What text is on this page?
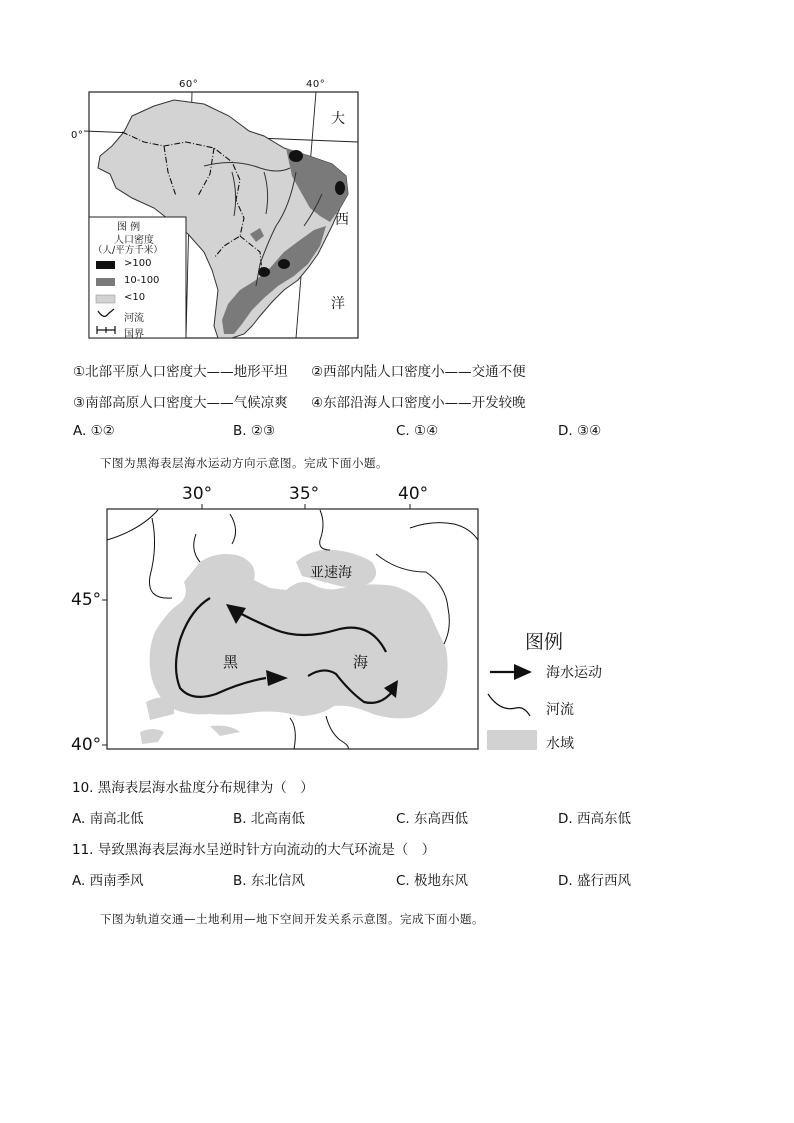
60°	40°
0°
大
西
洋
图 例
人口密度
（人/平方千米）
>100
10-100
<10
河流
国界
①北部平原人口密度大——地形平坦 ②西部内陆人口密度小——交通不便
③南部高原人口密度大——气候凉爽 ④东部沿海人口密度小——开发较晚
A. ①②	B. ②③	C. ①④	D. ③④
下图为黑海表层海水运动方向示意图。完成下面小题。
30°	35°	40°
45°
40°
亚速海
黑	海
图例
海水运动
河流
水域
10. 黑海表层海水盐度分布规律为（　）
A. 南高北低	B. 北高南低	C. 东高西低	D. 西高东低
11. 导致黑海表层海水呈逆时针方向流动的大气环流是（　）
A. 西南季风	B. 东北信风	C. 极地东风	D. 盛行西风
下图为轨道交通—土地利用—地下空间开发关系示意图。完成下面小题。
